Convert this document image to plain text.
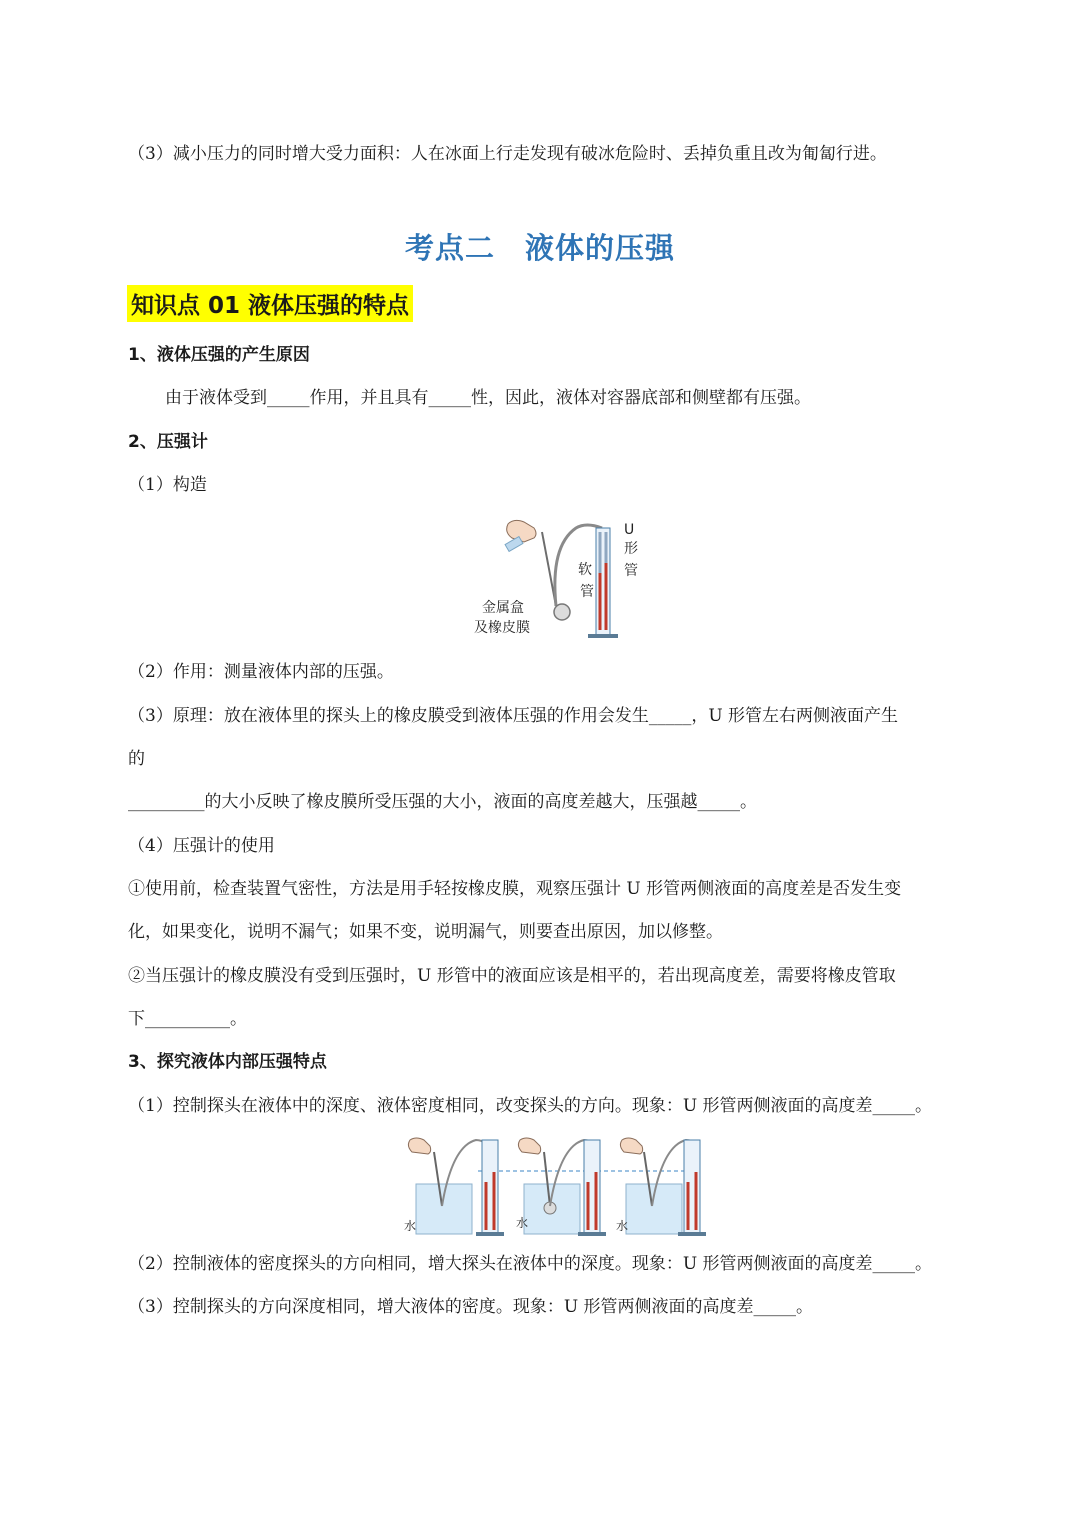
（3）减小压力的同时增大受力面积：人在冰面上行走发现有破冰危险时、丢掉负重且改为匍匐行进。
考点二 液体的压强
知识点 01 液体压强的特点
1、液体压强的产生原因
由于液体受到_____作用，并且具有_____性，因此，液体对容器底部和侧壁都有压强。
2、压强计
（1）构造
U
形
管
软
管
金属盒
及橡皮膜
（2）作用：测量液体内部的压强。
（3）原理：放在液体里的探头上的橡皮膜受到液体压强的作用会发生_____，U 形管左右两侧液面产生
的
_________的大小反映了橡皮膜所受压强的大小，液面的高度差越大，压强越_____。
（4）压强计的使用
①使用前，检查装置气密性，方法是用手轻按橡皮膜，观察压强计 U 形管两侧液面的高度差是否发生变
化，如果变化，说明不漏气；如果不变，说明漏气，则要查出原因，加以修整。
②当压强计的橡皮膜没有受到压强时，U 形管中的液面应该是相平的，若出现高度差，需要将橡皮管取
下__________。
3、探究液体内部压强特点
（1）控制探头在液体中的深度、液体密度相同，改变探头的方向。现象：U 形管两侧液面的高度差_____。
水	水	水
（2）控制液体的密度探头的方向相同，增大探头在液体中的深度。现象：U 形管两侧液面的高度差_____。
（3）控制探头的方向深度相同，增大液体的密度。现象：U 形管两侧液面的高度差_____。
